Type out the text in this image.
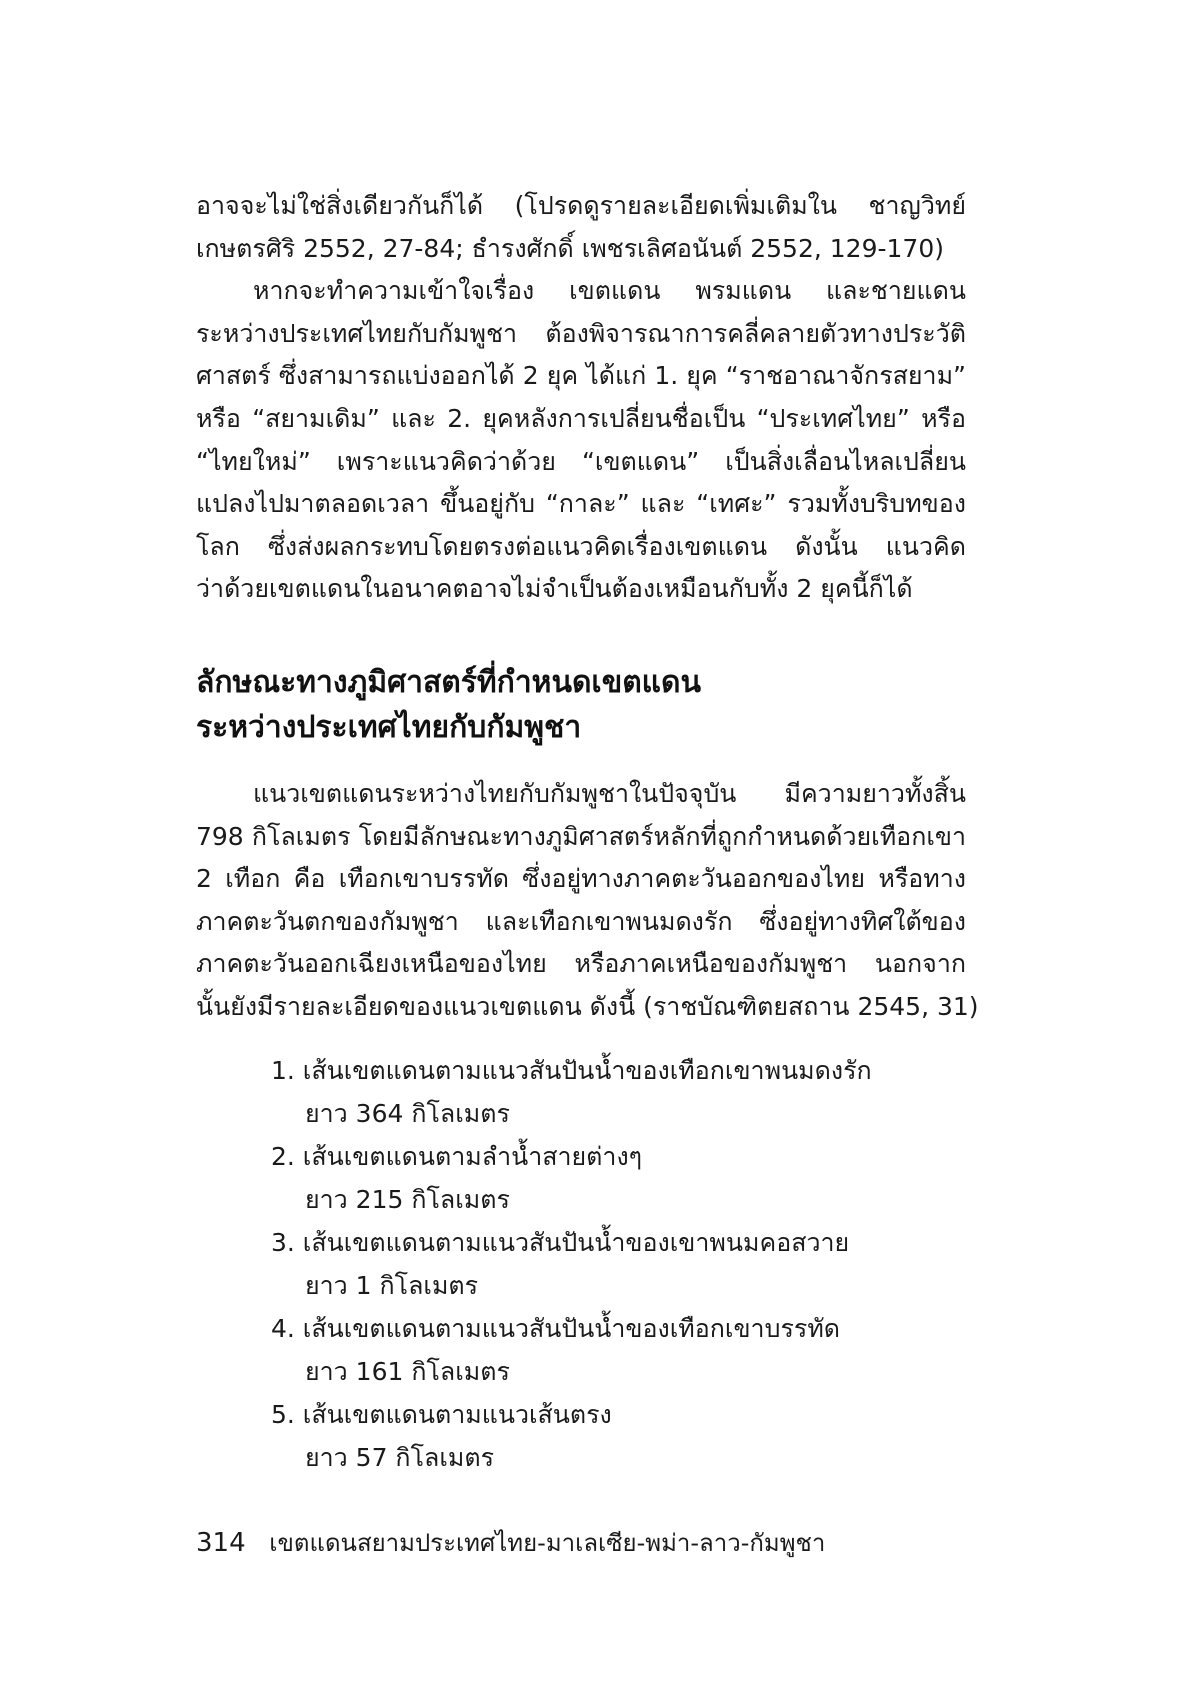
อาจจะไม่ใช่สิ่งเดียวกันก็ได้ (โปรดดูรายละเอียดเพิ่มเติมใน ชาญวิทย์
เกษตรศิริ 2552, 27-84; ธำรงศักดิ์ เพชรเลิศอนันต์ 2552, 129-170)
หากจะทำความเข้าใจเรื่อง เขตแดน พรมแดน และชายแดน
ระหว่างประเทศไทยกับกัมพูชา ต้องพิจารณาการคลี่คลายตัวทางประวัติ
ศาสตร์ ซึ่งสามารถแบ่งออกได้ 2 ยุค ได้แก่ 1. ยุค “ราชอาณาจักรสยาม”
หรือ “สยามเดิม” และ 2. ยุคหลังการเปลี่ยนชื่อเป็น “ประเทศไทย” หรือ
“ไทยใหม่” เพราะแนวคิดว่าด้วย “เขตแดน” เป็นสิ่งเลื่อนไหลเปลี่ยน
แปลงไปมาตลอดเวลา ขึ้นอยู่กับ “กาละ” และ “เทศะ” รวมทั้งบริบทของ
โลก ซึ่งส่งผลกระทบโดยตรงต่อแนวคิดเรื่องเขตแดน ดังนั้น แนวคิด
ว่าด้วยเขตแดนในอนาคตอาจไม่จำเป็นต้องเหมือนกับทั้ง 2 ยุคนี้ก็ได้
ลักษณะทางภูมิศาสตร์ที่กำหนดเขตแดน
ระหว่างประเทศไทยกับกัมพูชา
แนวเขตแดนระหว่างไทยกับกัมพูชาในปัจจุบัน มีความยาวทั้งสิ้น
798 กิโลเมตร โดยมีลักษณะทางภูมิศาสตร์หลักที่ถูกกำหนดด้วยเทือกเขา
2 เทือก คือ เทือกเขาบรรทัด ซึ่งอยู่ทางภาคตะวันออกของไทย หรือทาง
ภาคตะวันตกของกัมพูชา และเทือกเขาพนมดงรัก ซึ่งอยู่ทางทิศใต้ของ
ภาคตะวันออกเฉียงเหนือของไทย หรือภาคเหนือของกัมพูชา นอกจาก
นั้นยังมีรายละเอียดของแนวเขตแดน ดังนี้ (ราชบัณฑิตยสถาน 2545, 31)
1. เส้นเขตแดนตามแนวสันปันน้ำของเทือกเขาพนมดงรัก
ยาว 364 กิโลเมตร
2. เส้นเขตแดนตามลำน้ำสายต่างๆ
ยาว 215 กิโลเมตร
3. เส้นเขตแดนตามแนวสันปันน้ำของเขาพนมคอสวาย
ยาว 1 กิโลเมตร
4. เส้นเขตแดนตามแนวสันปันน้ำของเทือกเขาบรรทัด
ยาว 161 กิโลเมตร
5. เส้นเขตแดนตามแนวเส้นตรง
ยาว 57 กิโลเมตร
314 เขตแดนสยามประเทศไทย-มาเลเซีย-พม่า-ลาว-กัมพูชา
